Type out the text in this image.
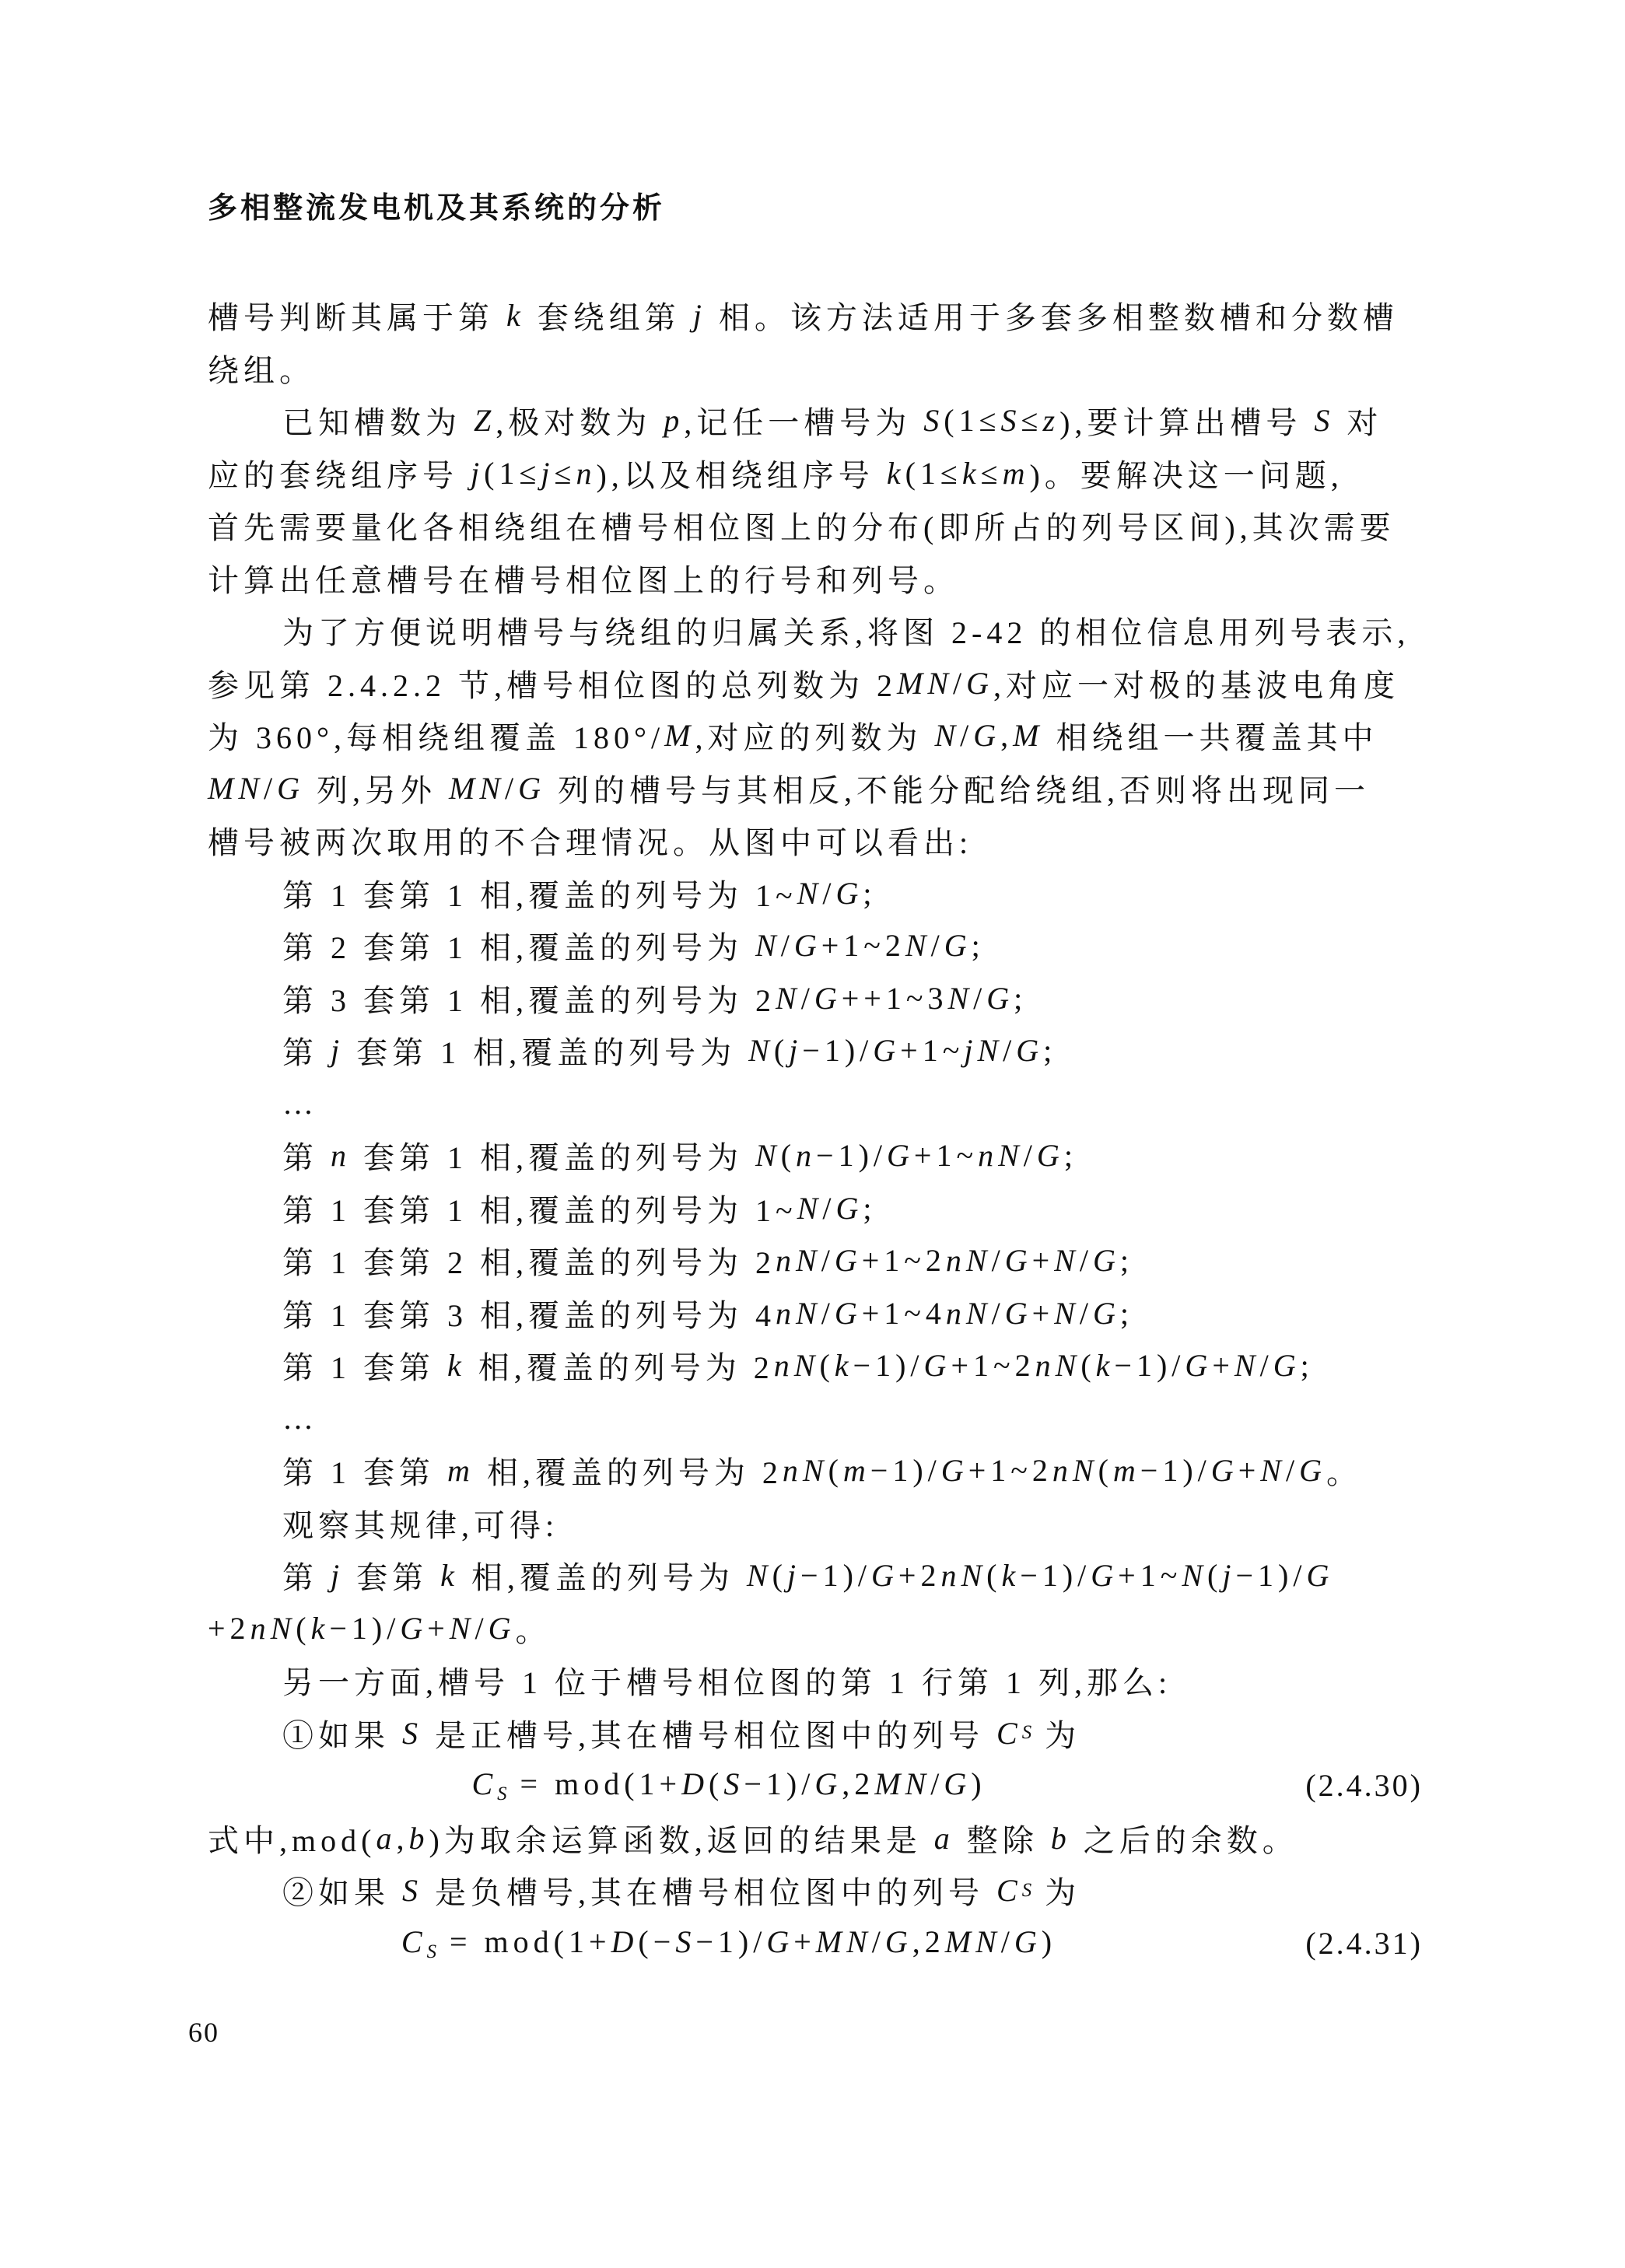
多相整流发电机及其系统的分析
槽号判断其属于第 k 套绕组第 j 相。该方法适用于多套多相整数槽和分数槽
绕组。
已知槽数为 Z ,极对数为 p ,记任一槽号为 S (1≤ S ≤ z ),要计算出槽号 S 对
应的套绕组序号 j (1≤ j ≤ n ),以及相绕组序号 k (1≤ k ≤ m )。要解决这一问题,
首先需要量化各相绕组在槽号相位图上的分布(即所占的列号区间),其次需要
计算出任意槽号在槽号相位图上的行号和列号。
为了方便说明槽号与绕组的归属关系,将图 2-42 的相位信息用列号表示,
参见第 2.4.2.2 节,槽号相位图的总列数为 2 MN / G ,对应一对极的基波电角度
为 360°,每相绕组覆盖 180°/ M ,对应的列数为 N / G , M 相绕组一共覆盖其中
MN / G 列,另外 MN / G 列的槽号与其相反,不能分配给绕组,否则将出现同一
槽号被两次取用的不合理情况。从图中可以看出:
第 1 套第 1 相,覆盖的列号为 1~ N / G ;
第 2 套第 1 相,覆盖的列号为 N / G +1~2 N / G ;
第 3 套第 1 相,覆盖的列号为 2 N / G ++1~3 N / G ;
第 j 套第 1 相,覆盖的列号为 N ( j −1)/ G +1~ jN / G ;
…
第 n 套第 1 相,覆盖的列号为 N ( n −1)/ G +1~ nN / G ;
第 1 套第 1 相,覆盖的列号为 1~ N / G ;
第 1 套第 2 相,覆盖的列号为 2 nN / G +1~2 nN / G + N / G ;
第 1 套第 3 相,覆盖的列号为 4 nN / G +1~4 nN / G + N / G ;
第 1 套第 k 相,覆盖的列号为 2 nN ( k −1)/ G +1~2 nN ( k −1)/ G + N / G ;
…
第 1 套第 m 相,覆盖的列号为 2 nN ( m −1)/ G +1~2 nN ( m −1)/ G + N / G 。
观察其规律,可得:
第 j 套第 k 相,覆盖的列号为 N ( j −1)/ G +2 nN ( k −1)/ G +1~ N ( j −1)/ G
+2 nN ( k −1)/ G + N / G 。
另一方面,槽号 1 位于槽号相位图的第 1 行第 1 列,那么:
①如果 S 是正槽号,其在槽号相位图中的列号 C S 为
$C_S = mod(1+D(S-1)/G,2MN/G)$	(2.4.30)
式中,mod( a , b )为取余运算函数,返回的结果是 a 整除 b 之后的余数。
②如果 S 是负槽号,其在槽号相位图中的列号 C S 为
$C_S = mod(1+D(-S-1)/G+MN/G,2MN/G)$	(2.4.31)
60
